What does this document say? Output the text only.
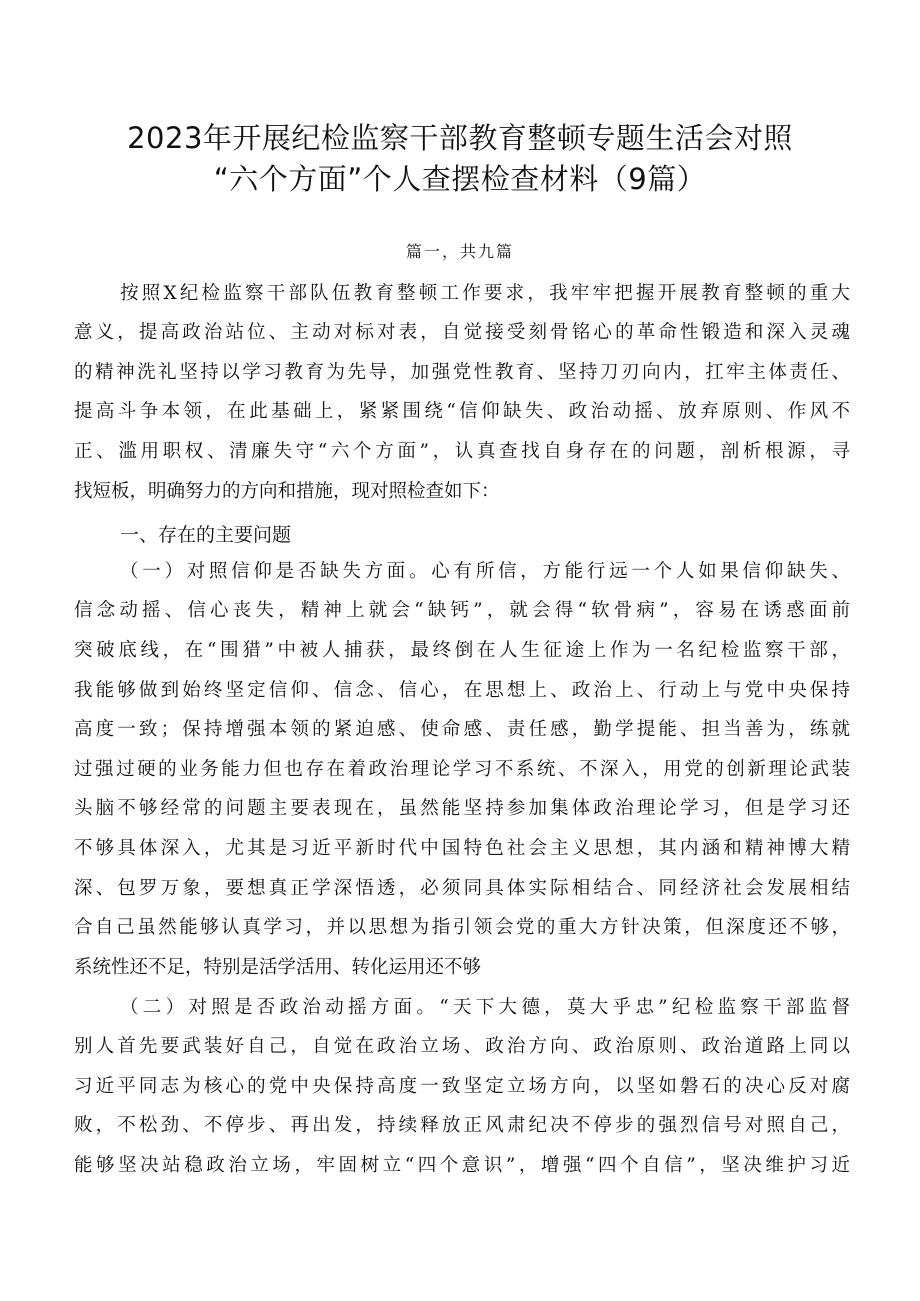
2023年开展纪检监察干部教育整顿专题生活会对照
“六个方面”个人查摆检查材料（9篇）
篇一，共九篇
按照X纪检监察干部队伍教育整顿工作要求，我牢牢把握开展教育整顿的重大
意义，提高政治站位、主动对标对表，自觉接受刻骨铭心的革命性锻造和深入灵魂
的精神洗礼坚持以学习教育为先导，加强党性教育、坚持刀刃向内，扛牢主体责任、
提高斗争本领，在此基础上，紧紧围绕“信仰缺失、政治动摇、放弃原则、作风不
正、滥用职权、清廉失守“六个方面”，认真查找自身存在的问题，剖析根源，寻
找短板，明确努力的方向和措施，现对照检查如下：
一、存在的主要问题
（一）对照信仰是否缺失方面。心有所信，方能行远一个人如果信仰缺失、
信念动摇、信心丧失，精神上就会“缺钙”，就会得“软骨病”，容易在诱惑面前
突破底线，在“围猎”中被人捕获，最终倒在人生征途上作为一名纪检监察干部，
我能够做到始终坚定信仰、信念、信心，在思想上、政治上、行动上与党中央保持
高度一致；保持增强本领的紧迫感、使命感、责任感，勤学提能、担当善为，练就
过强过硬的业务能力但也存在着政治理论学习不系统、不深入，用党的创新理论武装
头脑不够经常的问题主要表现在，虽然能坚持参加集体政治理论学习，但是学习还
不够具体深入，尤其是习近平新时代中国特色社会主义思想，其内涵和精神博大精
深、包罗万象，要想真正学深悟透，必须同具体实际相结合、同经济社会发展相结
合自己虽然能够认真学习，并以思想为指引领会党的重大方针决策，但深度还不够，
系统性还不足，特别是活学活用、转化运用还不够
（二）对照是否政治动摇方面。“天下大德，莫大乎忠”纪检监察干部监督
别人首先要武装好自己，自觉在政治立场、政治方向、政治原则、政治道路上同以
习近平同志为核心的党中央保持高度一致坚定立场方向，以坚如磐石的决心反对腐
败，不松劲、不停步、再出发，持续释放正风肃纪决不停步的强烈信号对照自己，
能够坚决站稳政治立场，牢固树立“四个意识”，增强“四个自信”，坚决维护习近
